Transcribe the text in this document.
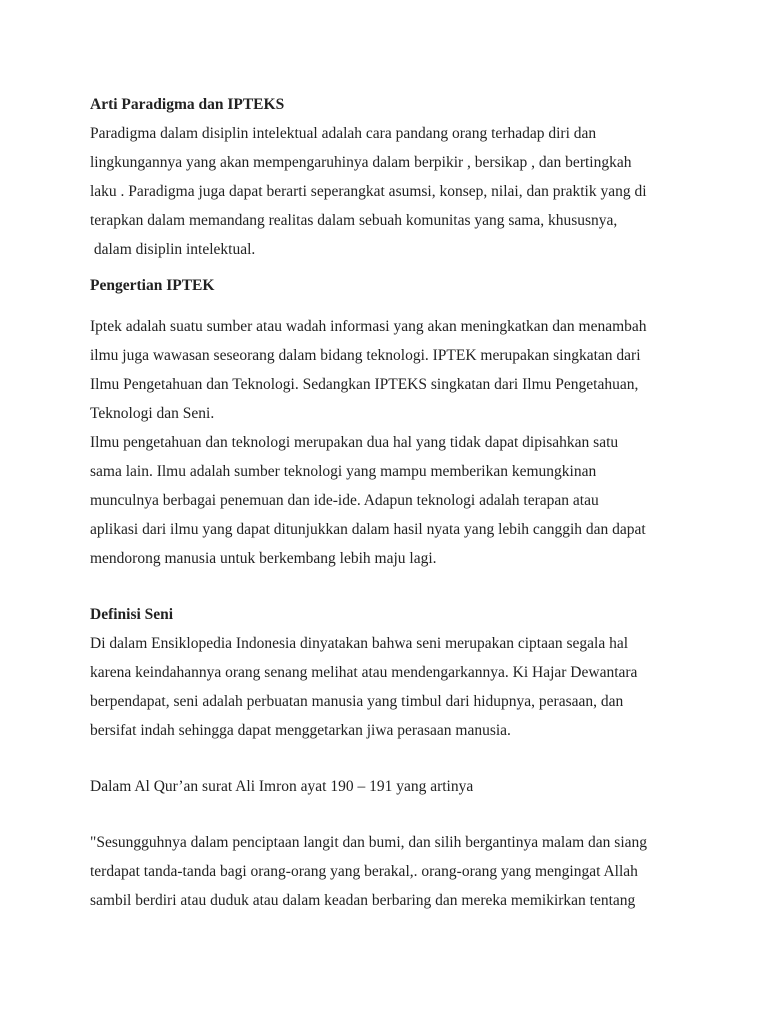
Arti Paradigma dan IPTEKS

Paradigma dalam disiplin intelektual adalah cara pandang orang terhadap diri dan

lingkungannya yang akan mempengaruhinya dalam berpikir , bersikap , dan bertingkah

laku . Paradigma juga dapat berarti seperangkat asumsi, konsep, nilai, dan praktik yang di

terapkan dalam memandang realitas dalam sebuah komunitas yang sama, khususnya,

dalam disiplin intelektual.

Pengertian IPTEK

Iptek adalah suatu sumber atau wadah informasi yang akan meningkatkan dan menambah

ilmu juga wawasan seseorang dalam bidang teknologi. IPTEK merupakan singkatan dari

Ilmu Pengetahuan dan Teknologi. Sedangkan IPTEKS singkatan dari Ilmu Pengetahuan,

Teknologi dan Seni.

Ilmu pengetahuan dan teknologi merupakan dua hal yang tidak dapat dipisahkan satu

sama lain. Ilmu adalah sumber teknologi yang mampu memberikan kemungkinan

munculnya berbagai penemuan dan ide-ide. Adapun teknologi adalah terapan atau

aplikasi dari ilmu yang dapat ditunjukkan dalam hasil nyata yang lebih canggih dan dapat

mendorong manusia untuk berkembang lebih maju lagi.

Definisi Seni

Di dalam Ensiklopedia Indonesia dinyatakan bahwa seni merupakan ciptaan segala hal

karena keindahannya orang senang melihat atau mendengarkannya. Ki Hajar Dewantara

berpendapat, seni adalah perbuatan manusia yang timbul dari hidupnya, perasaan, dan

bersifat indah sehingga dapat menggetarkan jiwa perasaan manusia.

Dalam Al Qur’an surat Ali Imron ayat 190 – 191 yang artinya

"Sesungguhnya dalam penciptaan langit dan bumi, dan silih bergantinya malam dan siang

terdapat tanda-tanda bagi orang-orang yang berakal,. orang-orang yang mengingat Allah

sambil berdiri atau duduk atau dalam keadan berbaring dan mereka memikirkan tentang
